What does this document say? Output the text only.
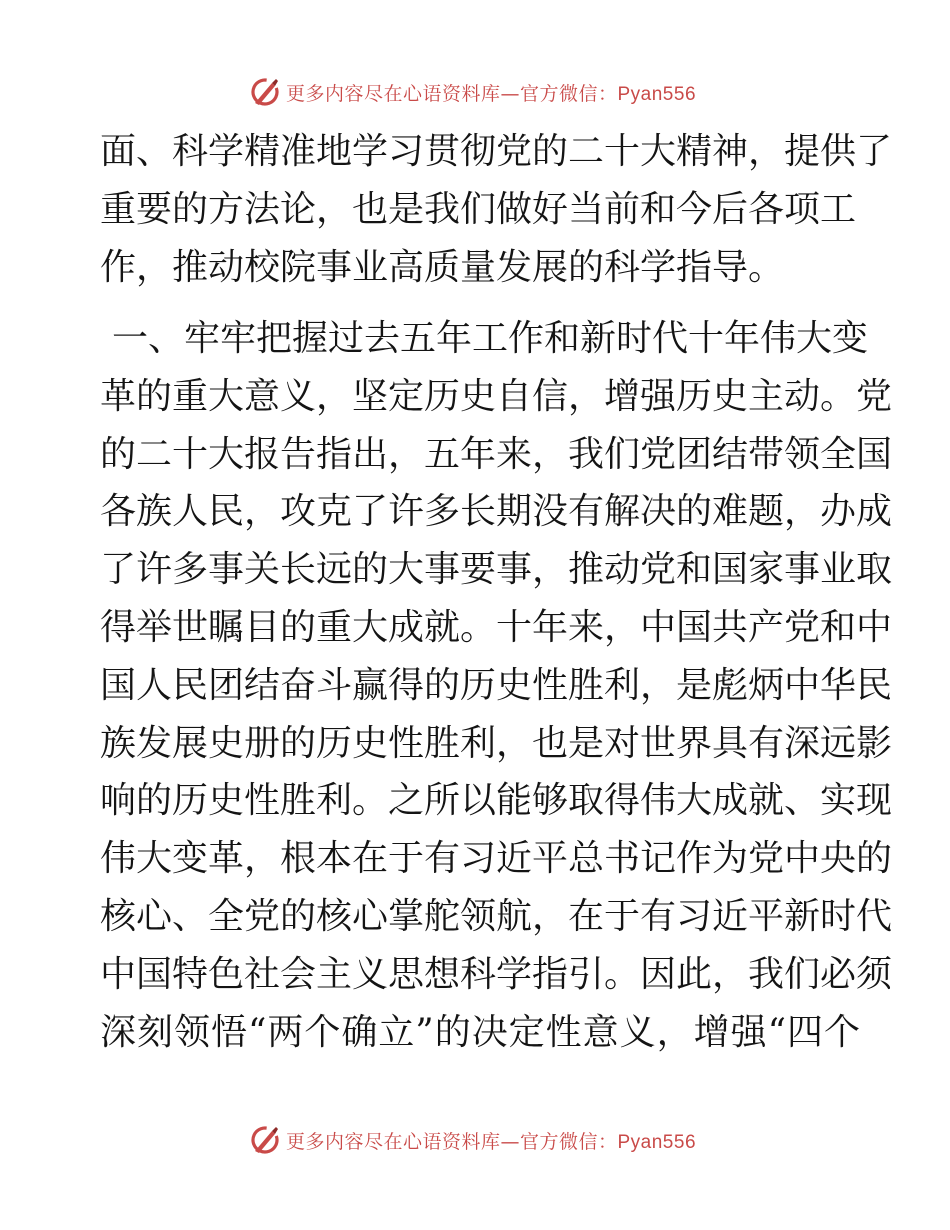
更多内容尽在心语资料库—官方微信：Pyan556
面、科学精准地学习贯彻党的二十大精神，提供了
重要的方法论，也是我们做好当前和今后各项工
作，推动校院事业高质量发展的科学指导。
一、牢牢把握过去五年工作和新时代十年伟大变
革的重大意义，坚定历史自信，增强历史主动。党
的二十大报告指出，五年来，我们党团结带领全国
各族人民，攻克了许多长期没有解决的难题，办成
了许多事关长远的大事要事，推动党和国家事业取
得举世瞩目的重大成就。十年来，中国共产党和中
国人民团结奋斗赢得的历史性胜利，是彪炳中华民
族发展史册的历史性胜利，也是对世界具有深远影
响的历史性胜利。之所以能够取得伟大成就、实现
伟大变革，根本在于有习近平总书记作为党中央的
核心、全党的核心掌舵领航，在于有习近平新时代
中国特色社会主义思想科学指引。因此，我们必须
深刻领悟“两个确立”的决定性意义，增强“四个
更多内容尽在心语资料库—官方微信：Pyan556
